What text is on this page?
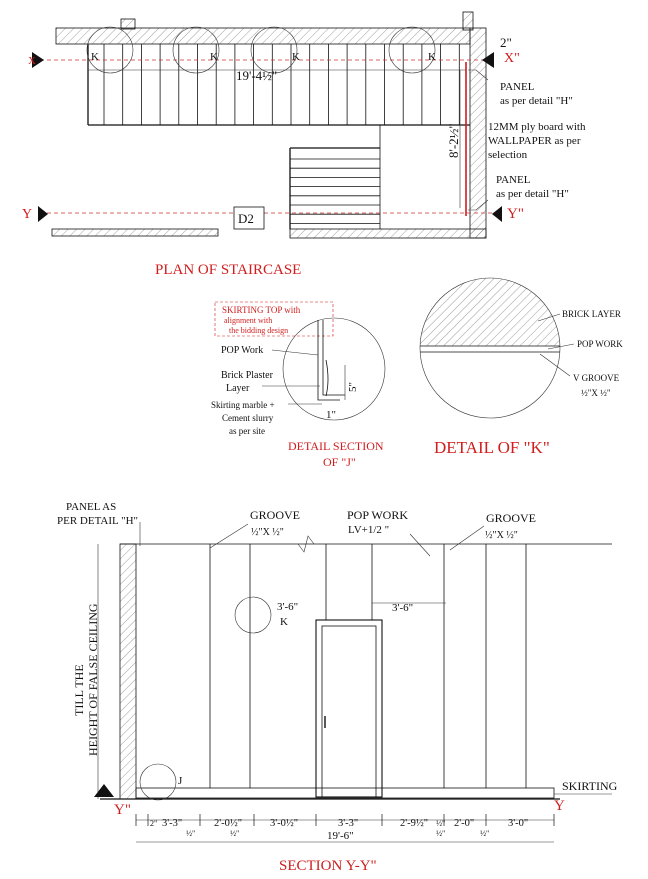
X	X"
Y	Y"
K	K	K	K
19'-4½"
8'-2½"
2"
D2
PANEL
as per detail "H"
12MM ply board with
WALLPAPER as per
selection
PANEL
as per detail "H"
PLAN OF STAIRCASE
SKIRTING TOP with
alignment with
the bidding design
5"
1"
POP Work
Brick Plaster
Layer
Skirting marble +
Cement slurry
as per site
DETAIL SECTION
OF "J"
BRICK LAYER
POP WORK
V GROOVE
½"X ½"
DETAIL OF "K"
PANEL AS
PER DETAIL "H"	GROOVE
½"X ½"
POP WORK
LV+1/2 "
GROOVE
½"X ½"
TILL THE HEIGHT OF FALSE CEILING	3'-6"
K
3'-6"
J	SKIRTING
Y"	Y
2" 3'-3"
½"
2'-0½"
½"
3'-0½"	3'-3"	2'-9½" ½"
½"
2'-0"
½"
3'-0"
19'-6"
SECTION Y-Y"
